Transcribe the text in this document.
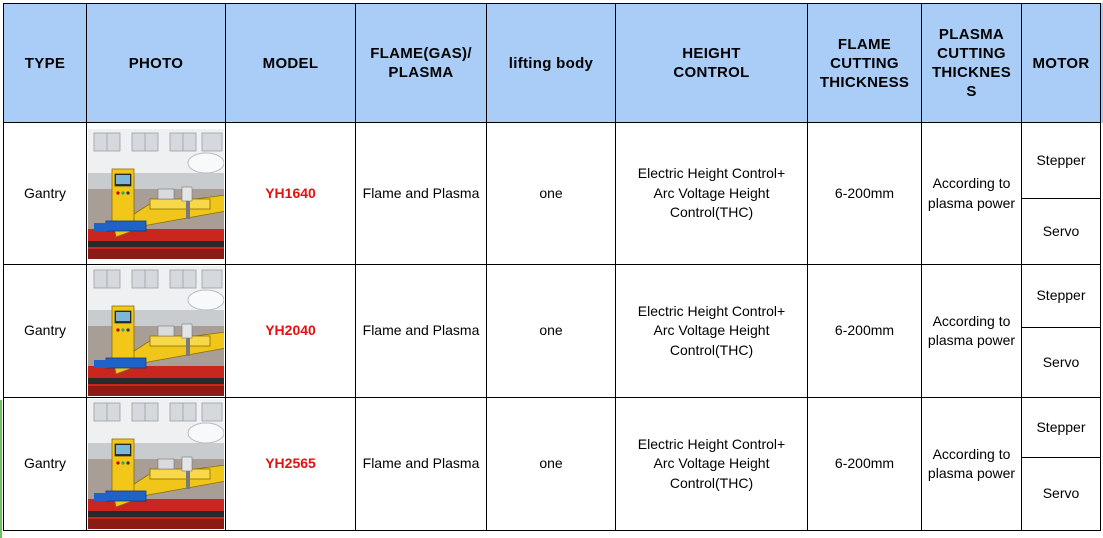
TYPE	PHOTO	MODEL	FLAME(GAS)/
PLASMA	lifting body	HEIGHT
CONTROL	FLAME
CUTTING
THICKNESS	PLASMA
CUTTING
THICKNES
S	MOTOR
Gantry		YH1640	Flame and Plasma	one	Electric Height Control+
Arc Voltage Height
Control(THC)	6-200mm	According to
plasma power	Stepper
								Servo
Gantry		YH2040	Flame and Plasma	one	Electric Height Control+
Arc Voltage Height
Control(THC)	6-200mm	According to
plasma power	Stepper
								Servo
Gantry		YH2565	Flame and Plasma	one	Electric Height Control+
Arc Voltage Height
Control(THC)	6-200mm	According to
plasma power	Stepper
								Servo
